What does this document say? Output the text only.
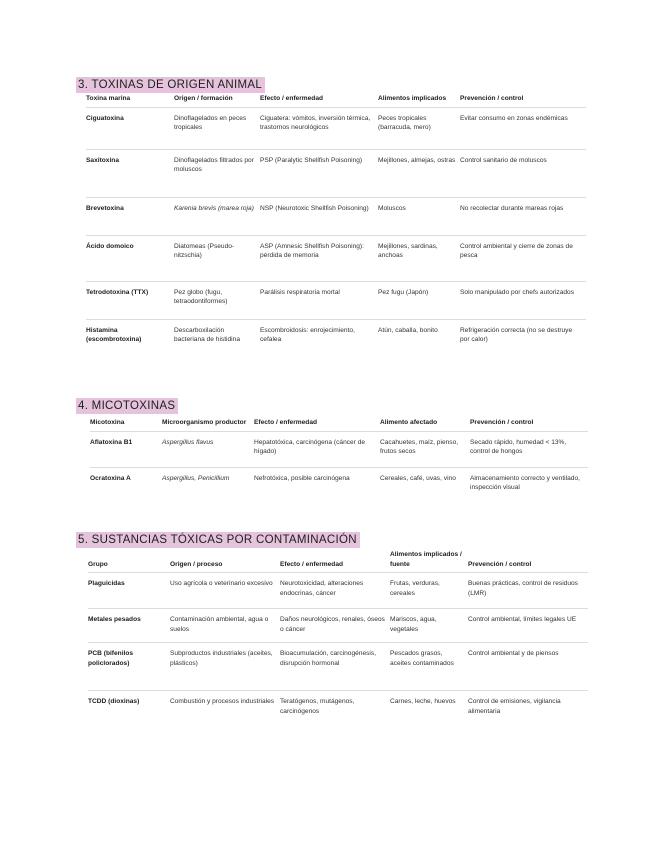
3. TOXINAS DE ORIGEN ANIMAL
Toxina marina	Origen / formación	Efecto / enfermedad	Alimentos implicados	Prevención / control
Ciguatoxina	Dinoflagelados en peces tropicales	Ciguatera: vómitos, inversión térmica, trastornos neurológicos	Peces tropicales (barracuda, mero)	Evitar consumo en zonas endémicas
Saxitoxina	Dinoflagelados filtrados por moluscos	PSP (Paralytic Shellfish Poisoning)	Mejillones, almejas, ostras	Control sanitario de moluscos
Brevetoxina	Karenia brevis (marea roja)	NSP (Neurotoxic Shellfish Poisoning)	Moluscos	No recolectar durante mareas rojas
Ácido domoico	Diatomeas (Pseudo-nitzschia)	ASP (Amnesic Shellfish Poisoning): pérdida de memoria	Mejillones, sardinas, anchoas	Control ambiental y cierre de zonas de pesca
Tetrodotoxina (TTX)	Pez globo (fugu, tetraodontiformes)	Parálisis respiratoria mortal	Pez fugu (Japón)	Solo manipulado por chefs autorizados
Histamina (escombrotoxina)	Descarboxilación bacteriana de histidina	Escombroidosis: enrojecimiento, cefalea	Atún, caballa, bonito	Refrigeración correcta (no se destruye por calor)
4. MICOTOXINAS
Micotoxina	Microorganismo productor	Efecto / enfermedad	Alimento afectado	Prevención / control
Aflatoxina B1	Aspergillus flavus	Hepatotóxica, carcinógena (cáncer de hígado)	Cacahuetes, maíz, pienso, frutos secos	Secado rápido, humedad < 13%, control de hongos
Ocratoxina A	Aspergillus, Penicillium	Nefrotóxica, posible carcinógena	Cereales, café, uvas, vino	Almacenamiento correcto y ventilado, inspección visual
5. SUSTANCIAS TÓXICAS POR CONTAMINACIÓN
Grupo	Origen / proceso	Efecto / enfermedad	Alimentos implicados / fuente	Prevención / control
Plaguicidas	Uso agrícola o veterinario excesivo	Neurotoxicidad, alteraciones endocrinas, cáncer	Frutas, verduras, cereales	Buenas prácticas, control de residuos (LMR)
Metales pesados	Contaminación ambiental, agua o suelos	Daños neurológicos, renales, óseos o cáncer	Mariscos, agua, vegetales	Control ambiental, límites legales UE
PCB (bifenilos policlorados)	Subproductos industriales (aceites, plásticos)	Bioacumulación, carcinogénesis, disrupción hormonal	Pescados grasos, aceites contaminados	Control ambiental y de piensos
TCDD (dioxinas)	Combustión y procesos industriales	Teratógenos, mutágenos, carcinógenos	Carnes, leche, huevos	Control de emisiones, vigilancia alimentaria
